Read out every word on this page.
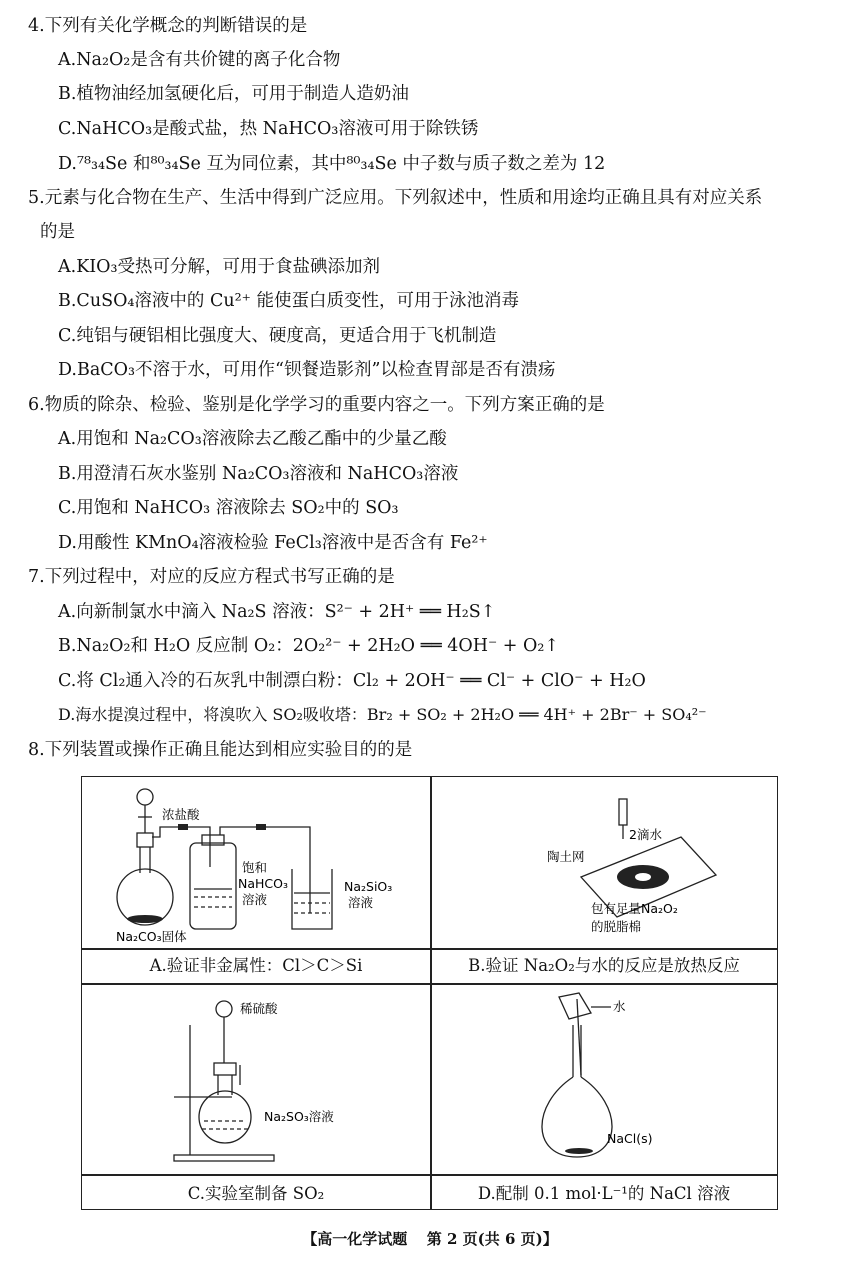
4.下列有关化学概念的判断错误的是
A.Na₂O₂是含有共价键的离子化合物
B.植物油经加氢硬化后，可用于制造人造奶油
C.NaHCO₃是酸式盐，热 NaHCO₃溶液可用于除铁锈
D.⁷⁸₃₄Se 和⁸⁰₃₄Se 互为同位素，其中⁸⁰₃₄Se 中子数与质子数之差为 12
5.元素与化合物在生产、生活中得到广泛应用。下列叙述中，性质和用途均正确且具有对应关系
的是
A.KIO₃受热可分解，可用于食盐碘添加剂
B.CuSO₄溶液中的 Cu²⁺ 能使蛋白质变性，可用于泳池消毒
C.纯铝与硬铝相比强度大、硬度高，更适合用于飞机制造
D.BaCO₃不溶于水，可用作“钡餐造影剂”以检查胃部是否有溃疡
6.物质的除杂、检验、鉴别是化学学习的重要内容之一。下列方案正确的是
A.用饱和 Na₂CO₃溶液除去乙酸乙酯中的少量乙酸
B.用澄清石灰水鉴别 Na₂CO₃溶液和 NaHCO₃溶液
C.用饱和 NaHCO₃ 溶液除去 SO₂中的 SO₃
D.用酸性 KMnO₄溶液检验 FeCl₃溶液中是否含有 Fe²⁺
7.下列过程中，对应的反应方程式书写正确的是
A.向新制氯水中滴入 Na₂S 溶液：S²⁻ + 2H⁺ ══ H₂S↑
B.Na₂O₂和 H₂O 反应制 O₂：2O₂²⁻ + 2H₂O ══ 4OH⁻ + O₂↑
C.将 Cl₂通入冷的石灰乳中制漂白粉：Cl₂ + 2OH⁻ ══ Cl⁻ + ClO⁻ + H₂O
D.海水提溴过程中，将溴吹入 SO₂吸收塔：Br₂ + SO₂ + 2H₂O ══ 4H⁺ + 2Br⁻ + SO₄²⁻
8.下列装置或操作正确且能达到相应实验目的的是
浓盐酸
饱和
NaHCO₃
溶液
Na₂SiO₃
溶液
Na₂CO₃固体
A.验证非金属性：Cl＞C＞Si
2滴水
陶土网
包有足量Na₂O₂
的脱脂棉
B.验证 Na₂O₂与水的反应是放热反应
稀硫酸
Na₂SO₃溶液
C.实验室制备 SO₂
水
NaCl(s)
D.配制 0.1 mol·L⁻¹的 NaCl 溶液
【高一化学试题 第 2 页(共 6 页)】
